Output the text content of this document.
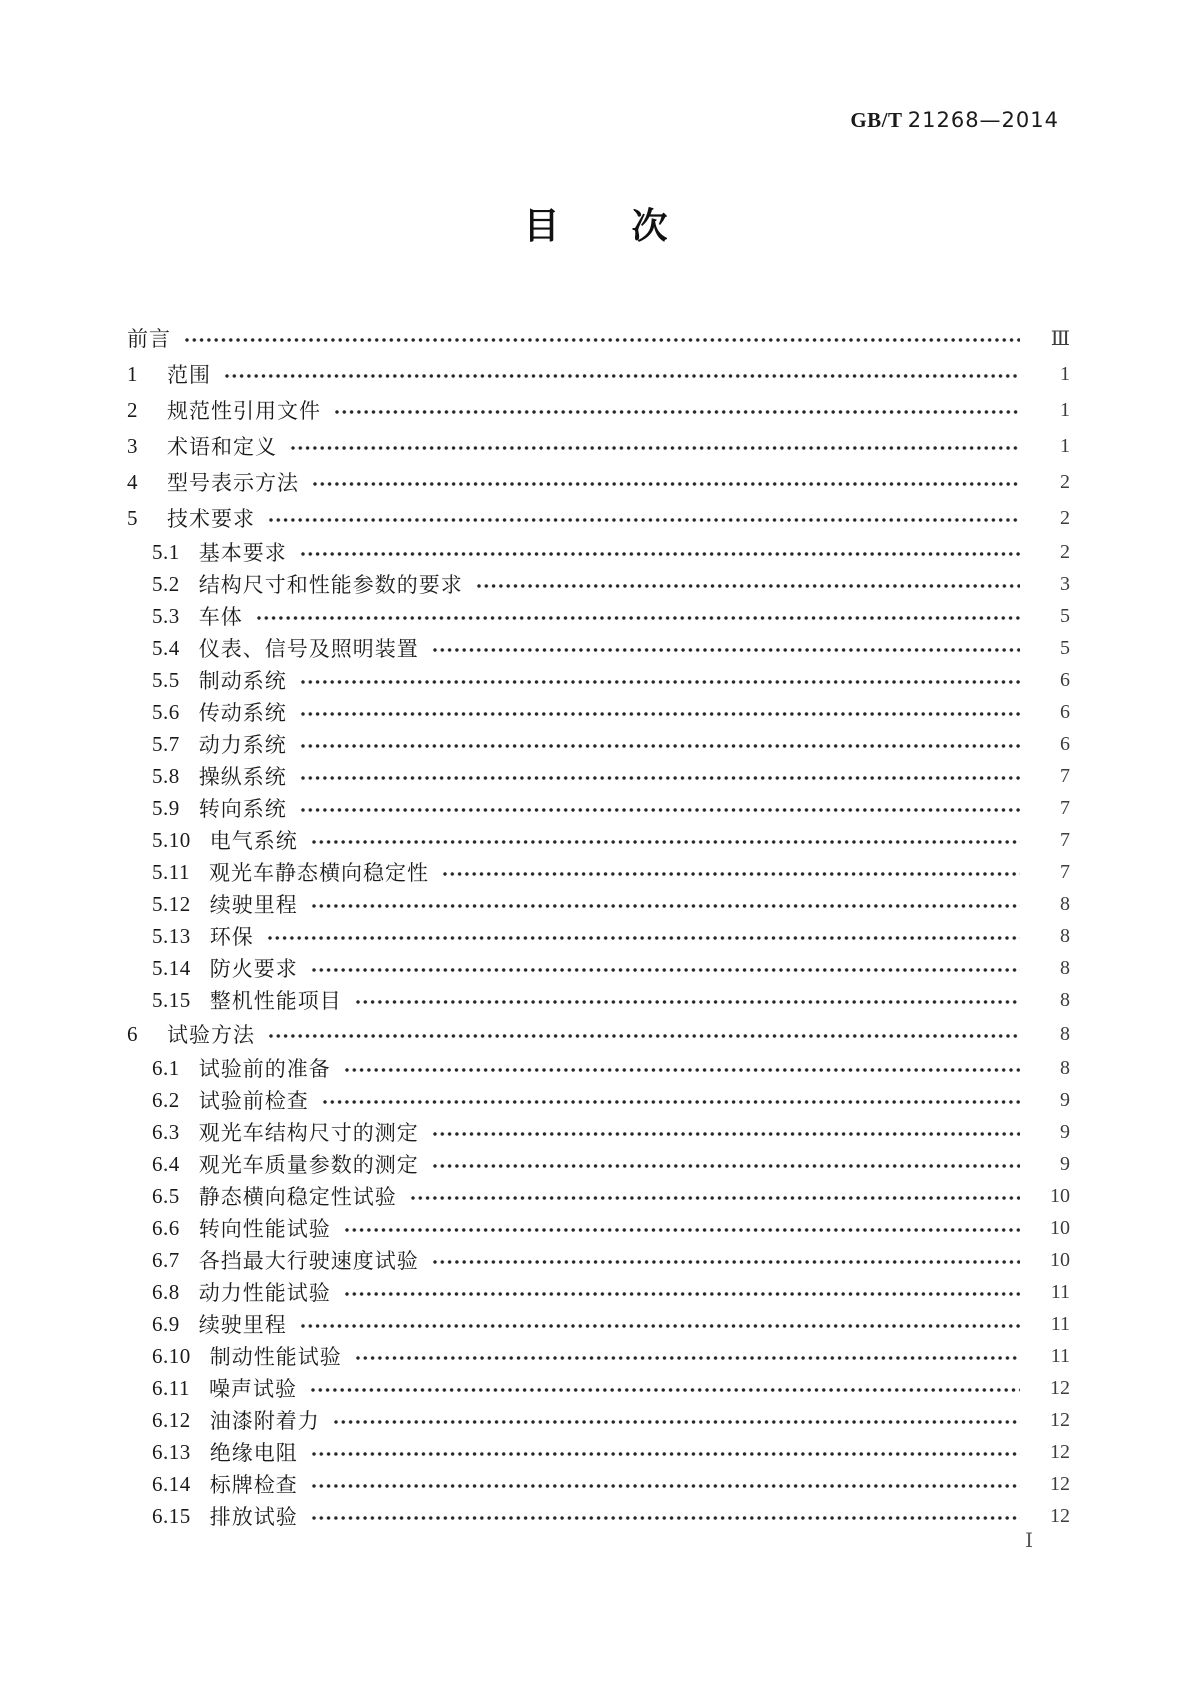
GB/T 21268—2014
目　　次
前言	Ⅲ
1 范围	1
2 规范性引用文件	1
3 术语和定义	1
4 型号表示方法	2
5 技术要求	2
5.1 基本要求	2
5.2 结构尺寸和性能参数的要求	3
5.3 车体	5
5.4 仪表、信号及照明装置	5
5.5 制动系统	6
5.6 传动系统	6
5.7 动力系统	6
5.8 操纵系统	7
5.9 转向系统	7
5.10 电气系统	7
5.11 观光车静态横向稳定性	7
5.12 续驶里程	8
5.13 环保	8
5.14 防火要求	8
5.15 整机性能项目	8
6 试验方法	8
6.1 试验前的准备	8
6.2 试验前检查	9
6.3 观光车结构尺寸的测定	9
6.4 观光车质量参数的测定	9
6.5 静态横向稳定性试验	10
6.6 转向性能试验	10
6.7 各挡最大行驶速度试验	10
6.8 动力性能试验	11
6.9 续驶里程	11
6.10 制动性能试验	11
6.11 噪声试验	12
6.12 油漆附着力	12
6.13 绝缘电阻	12
6.14 标牌检查	12
6.15 排放试验	12
Ⅰ
